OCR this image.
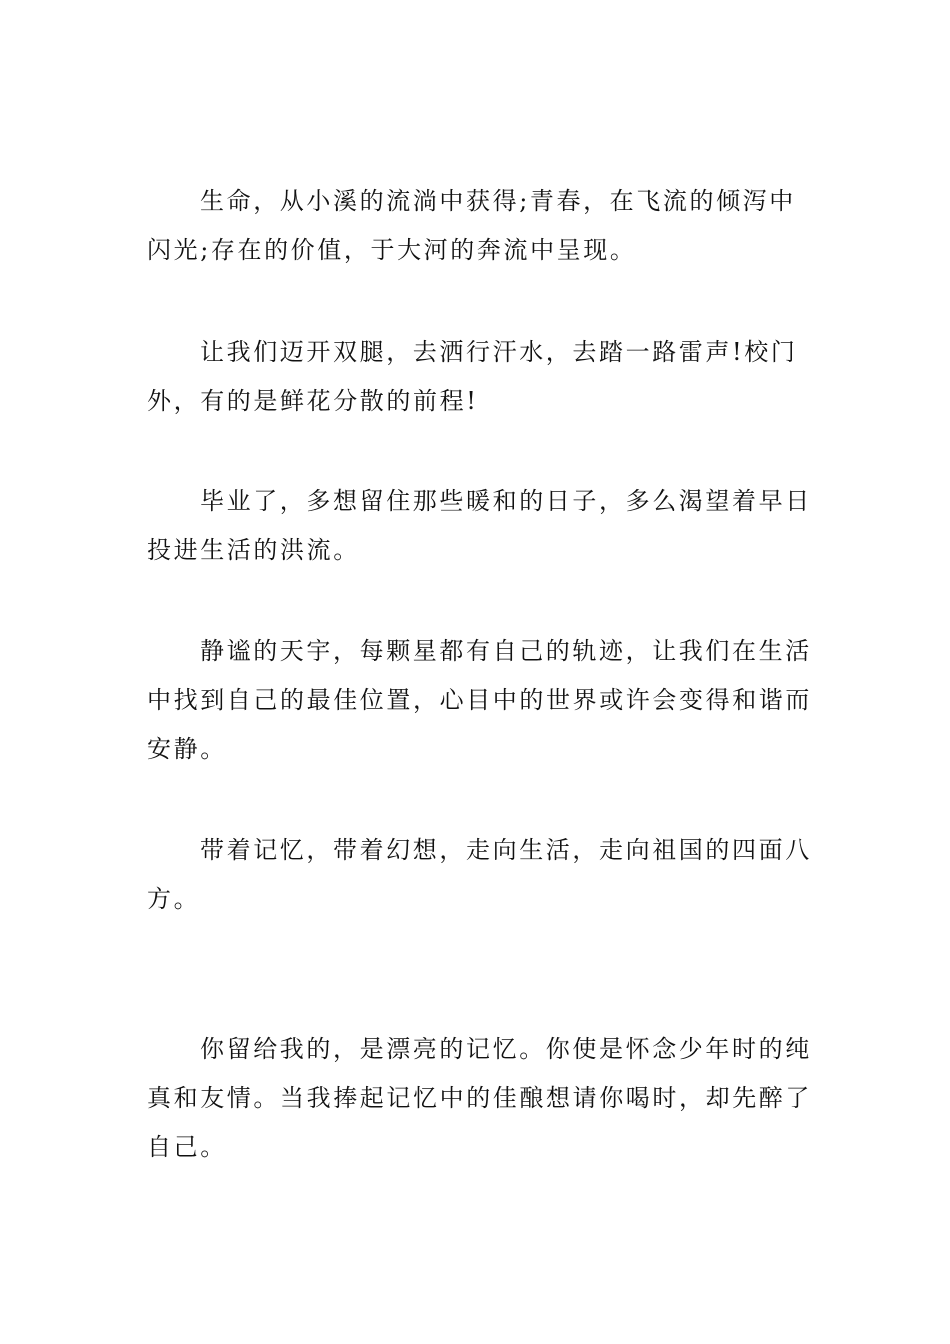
生命，从小溪的流淌中获得;青春，在飞流的倾泻中闪光;存在的价值，于大河的奔流中呈现。

让我们迈开双腿，去洒行汗水，去踏一路雷声!校门外，有的是鲜花分散的前程!

毕业了，多想留住那些暖和的日子，多么渴望着早日投进生活的洪流。

静谧的天宇，每颗星都有自己的轨迹，让我们在生活中找到自己的最佳位置，心目中的世界或许会变得和谐而安静。

带着记忆，带着幻想，走向生活，走向祖国的四面八方。

你留给我的，是漂亮的记忆。你使是怀念少年时的纯真和友情。当我捧起记忆中的佳酿想请你喝时，却先醉了自己。
